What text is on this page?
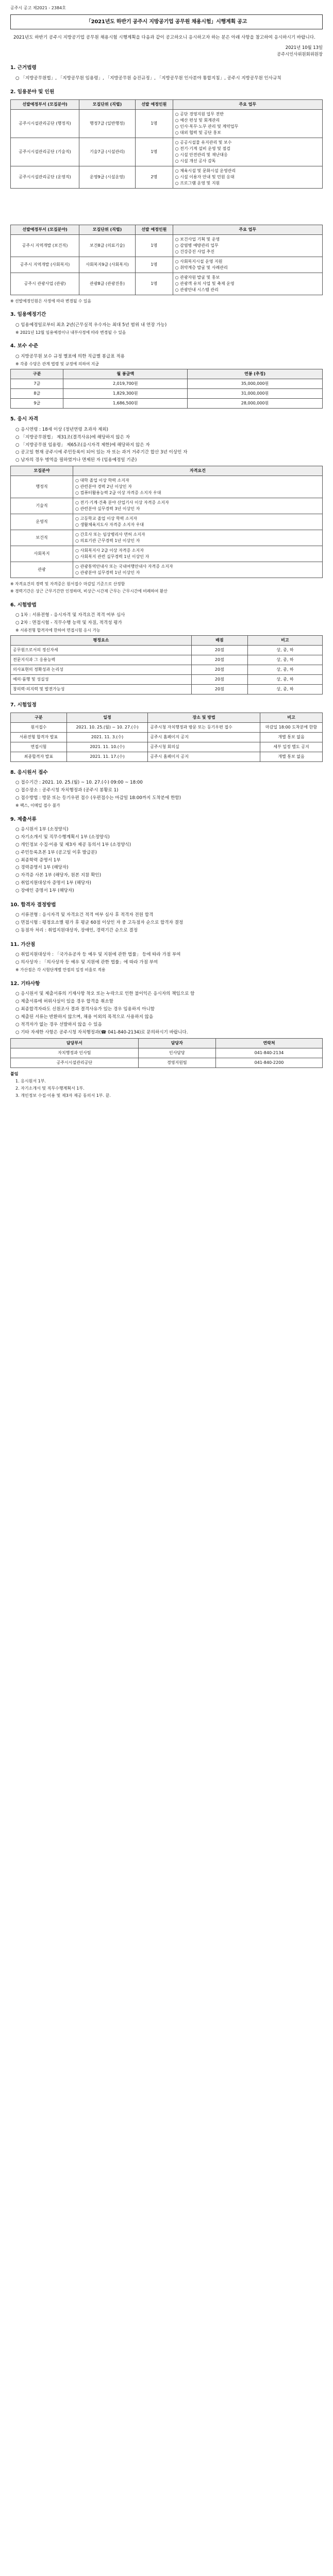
공주시 공고 제2021 - 2384호
「2021년도 하반기 공주시 지방공기업 공무원 채용시험」시행계획 공고

2021년도 하반기 공주시 지방공기업 공무원 채용시험 시행계획을 다음과 같이 공고하오니 응시하고자 하는 분은 아래 사항을 참고하여 응시하시기 바랍니다.

2021년 10월 13일
공주시인사위원회위원장
1. 근거법령

○ 「지방공무원법」, 「지방공무원 임용령」, 「지방공무원 승진규정」, 「지방공무원 인사분야 통합지침」, 공주시 지방공무원 인사규칙

2. 임용분야 및 인원
선발예정부서 (모집분야)	모집단위 (직렬)	선발 예정인원	주요 업무
공주시시설관리공단 (행정직)	행정7급 (일반행정)	1명	○ 공단 경영지원 업무 전반
○ 예산 편성 및 회계관리
○ 인사·복무·노무 관리 및 계약업무
○ 대외 협력 및 공단 홍보
공주시시설관리공단 (기술직)	기술7급 (시설관리)	1명	○ 공공시설물 유지관리 및 보수
○ 전기·기계 설비 운영 및 점검
○ 시설 안전관리 및 재난대응
○ 시설 개선 공사 감독
공주시시설관리공단 (운영직)	운영9급 (시설운영)	2명	○ 체육시설 및 문화시설 운영관리
○ 시설 이용자 안내 및 민원 응대
○ 프로그램 운영 및 지원
선발예정부서 (모집분야)	모집단위 (직렬)	선발 예정인원	주요 업무
공주시 지역개발 (보건직)	보건8급 (의료기술)	1명	○ 보건사업 기획 및 운영
○ 감염병 예방관리 업무
○ 건강증진 사업 추진
공주시 지역개발 (사회복지)	사회복지9급 (사회복지)	1명	○ 사회복지시설 운영 지원
○ 취약계층 발굴 및 사례관리
공주시 관광사업 (관광)	관광8급 (관광진흥)	1명	○ 관광자원 발굴 및 홍보
○ 관광객 유치 사업 및 축제 운영
○ 관광안내 시스템 관리

※ 선발예정인원은 사정에 따라 변경될 수 있음

3. 임용예정기간

○ 임용예정일로부터 최초 2년(근무실적 우수자는 최대 5년 범위 내 연장 가능)

※ 2021년 12월 임용예정이나 내부사정에 따라 변경될 수 있음

4. 보수 수준

○ 지방공무원 보수 규정 별표에 의한 직급별 봉급표 적용

※ 각종 수당은 관계 법령 및 규정에 의하여 지급

구분	월 봉급액	연봉 (추정)
7급	2,019,700원	35,000,000원
8급	1,829,300원	31,000,000원
9급	1,686,500원	28,000,000원
5. 응시 자격

○ 응시연령 : 18세 이상 (정년연령 초과자 제외)

○ 「지방공무원법」 제31조(결격사유)에 해당하지 않은 자

○ 「지방공무원 임용령」 제65조(응시자격 제한)에 해당하지 않은 자

○ 공고일 현재 공주시에 주민등록이 되어 있는 자 또는 과거 거주기간 합산 3년 이상인 자

○ 남자의 경우 병역을 필하였거나 면제된 자 (임용예정일 기준)

모집분야	자격요건
행정직	○ 대학 졸업 이상 학력 소지자
○ 관련분야 경력 2년 이상인 자
○ 컴퓨터활용능력 2급 이상 자격증 소지자 우대
기술직	○ 전기·기계·건축 분야 산업기사 이상 자격증 소지자
○ 관련분야 실무경력 3년 이상인 자
운영직	○ 고등학교 졸업 이상 학력 소지자
○ 생활체육지도사 자격증 소지자 우대
보건직	○ 간호사 또는 임상병리사 면허 소지자
○ 의료기관 근무경력 1년 이상인 자
사회복지	○ 사회복지사 2급 이상 자격증 소지자
○ 사회복지 관련 실무경력 1년 이상인 자
관광	○ 관광통역안내사 또는 국내여행안내사 자격증 소지자
○ 관광분야 실무경력 1년 이상인 자

※ 자격요건의 경력 및 자격증은 원서접수 마감일 기준으로 산정함

※ 경력기간은 상근 근무기간만 인정하며, 비상근·시간제 근무는 근무시간에 비례하여 환산

6. 시험방법

○ 1차 : 서류전형 - 응시자격 및 자격요건 적격 여부 심사

○ 2차 : 면접시험 - 직무수행 능력 및 자질, 적격성 평가

※ 서류전형 합격자에 한하여 면접시험 응시 가능

평정요소	배점	비고
공무원으로서의 정신자세	20점	상, 중, 하
전문지식과 그 응용능력	20점	상, 중, 하
의사표현의 정확성과 논리성	20점	상, 중, 하
예의·품행 및 성실성	20점	상, 중, 하
창의력·의지력 및 발전가능성	20점	상, 중, 하
7. 시험일정
구분	일정	장소 및 방법	비고
원서접수	2021. 10. 25.(월) ~ 10. 27.(수)	공주시청 자치행정과 방문 또는 등기우편 접수	마감일 18:00 도착분에 한함
서류전형 합격자 발표	2021. 11. 3.(수)	공주시 홈페이지 공지	개별 통보 없음
면접시험	2021. 11. 10.(수)	공주시청 회의실	세부 일정 별도 공지
최종합격자 발표	2021. 11. 17.(수)	공주시 홈페이지 공지	개별 통보 없음
8. 응시원서 접수

○ 접수기간 : 2021. 10. 25.(월) ~ 10. 27.(수) 09:00 ~ 18:00

○ 접수장소 : 공주시청 자치행정과 (공주시 봉황로 1)

○ 접수방법 : 방문 또는 등기우편 접수 (우편접수는 마감일 18:00까지 도착분에 한함)

※ 팩스, 이메일 접수 불가

9. 제출서류

○ 응시원서 1부 (소정양식)

○ 자기소개서 및 직무수행계획서 1부 (소정양식)

○ 개인정보 수집·이용 및 제3자 제공 동의서 1부 (소정양식)

○ 주민등록초본 1부 (공고일 이후 발급분)

○ 최종학력 증명서 1부

○ 경력증명서 1부 (해당자)

○ 자격증 사본 1부 (해당자, 원본 지참 확인)

○ 취업지원대상자 증명서 1부 (해당자)

○ 장애인 증명서 1부 (해당자)

10. 합격자 결정방법

○ 서류전형 : 응시자격 및 자격요건 적격 여부 심사 후 적격자 전원 합격

○ 면접시험 : 평정요소별 평가 후 평균 60점 이상인 자 중 고득점자 순으로 합격자 결정

○ 동점자 처리 : 취업지원대상자, 장애인, 경력기간 순으로 결정

11. 가산점

○ 취업지원대상자 : 「국가유공자 등 예우 및 지원에 관한 법률」 등에 따라 가점 부여

○ 의사상자 : 「의사상자 등 예우 및 지원에 관한 법률」에 따라 가점 부여

※ 가산점은 각 시험단계별 만점의 일정 비율로 적용

12. 기타사항

○ 응시원서 및 제출서류의 기재사항 착오 또는 누락으로 인한 불이익은 응시자의 책임으로 함

○ 제출서류에 허위사실이 있을 경우 합격을 취소함

○ 최종합격자라도 신원조사 결과 결격사유가 있는 경우 임용하지 아니함

○ 제출된 서류는 반환하지 않으며, 채용 이외의 목적으로 사용하지 않음

○ 적격자가 없는 경우 선발하지 않을 수 있음

○ 기타 자세한 사항은 공주시청 자치행정과(☎ 041-840-2134)로 문의하시기 바랍니다.

담당부서	담당자	연락처
자치행정과 인사팀	인사담당	041-840-2134
공주시시설관리공단	경영지원팀	041-840-2200

붙임

1. 응시원서 1부.

2. 자기소개서 및 직무수행계획서 1부.

3. 개인정보 수집·이용 및 제3자 제공 동의서 1부. 끝.
